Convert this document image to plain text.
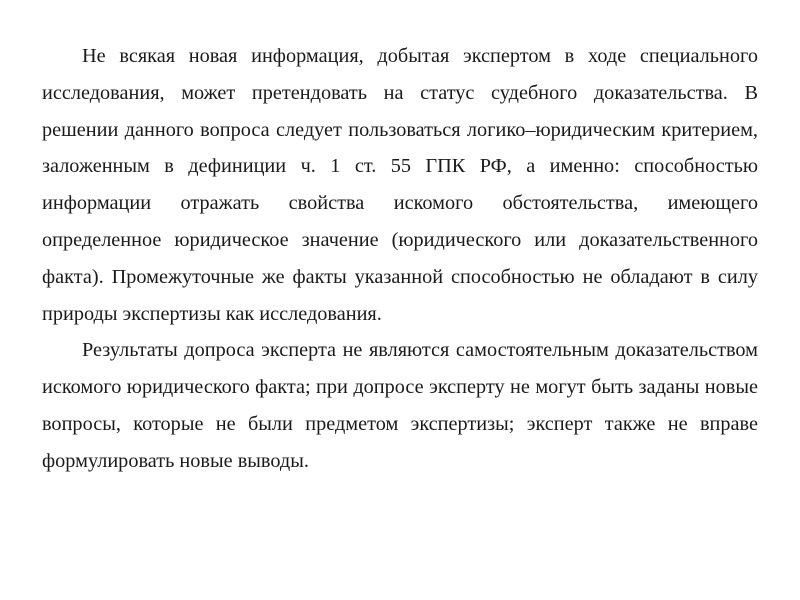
Не всякая новая информация, добытая экспертом в ходе специального исследования, может претендовать на статус судебного доказательства. В решении данного вопроса следует пользоваться логико–юридическим критерием, заложенным в дефиниции ч. 1 ст. 55 ГПК РФ, а именно: способностью информации отражать свойства искомого обстоятельства, имеющего определенное юридическое значение (юридического или доказательственного факта). Промежуточные же факты указанной способностью не обладают в силу природы экспертизы как исследования.

Результаты допроса эксперта не являются самостоятельным доказательством искомого юридического факта; при допросе эксперту не могут быть заданы новые вопросы, которые не были предметом экспертизы; эксперт также не вправе формулировать новые выводы.
